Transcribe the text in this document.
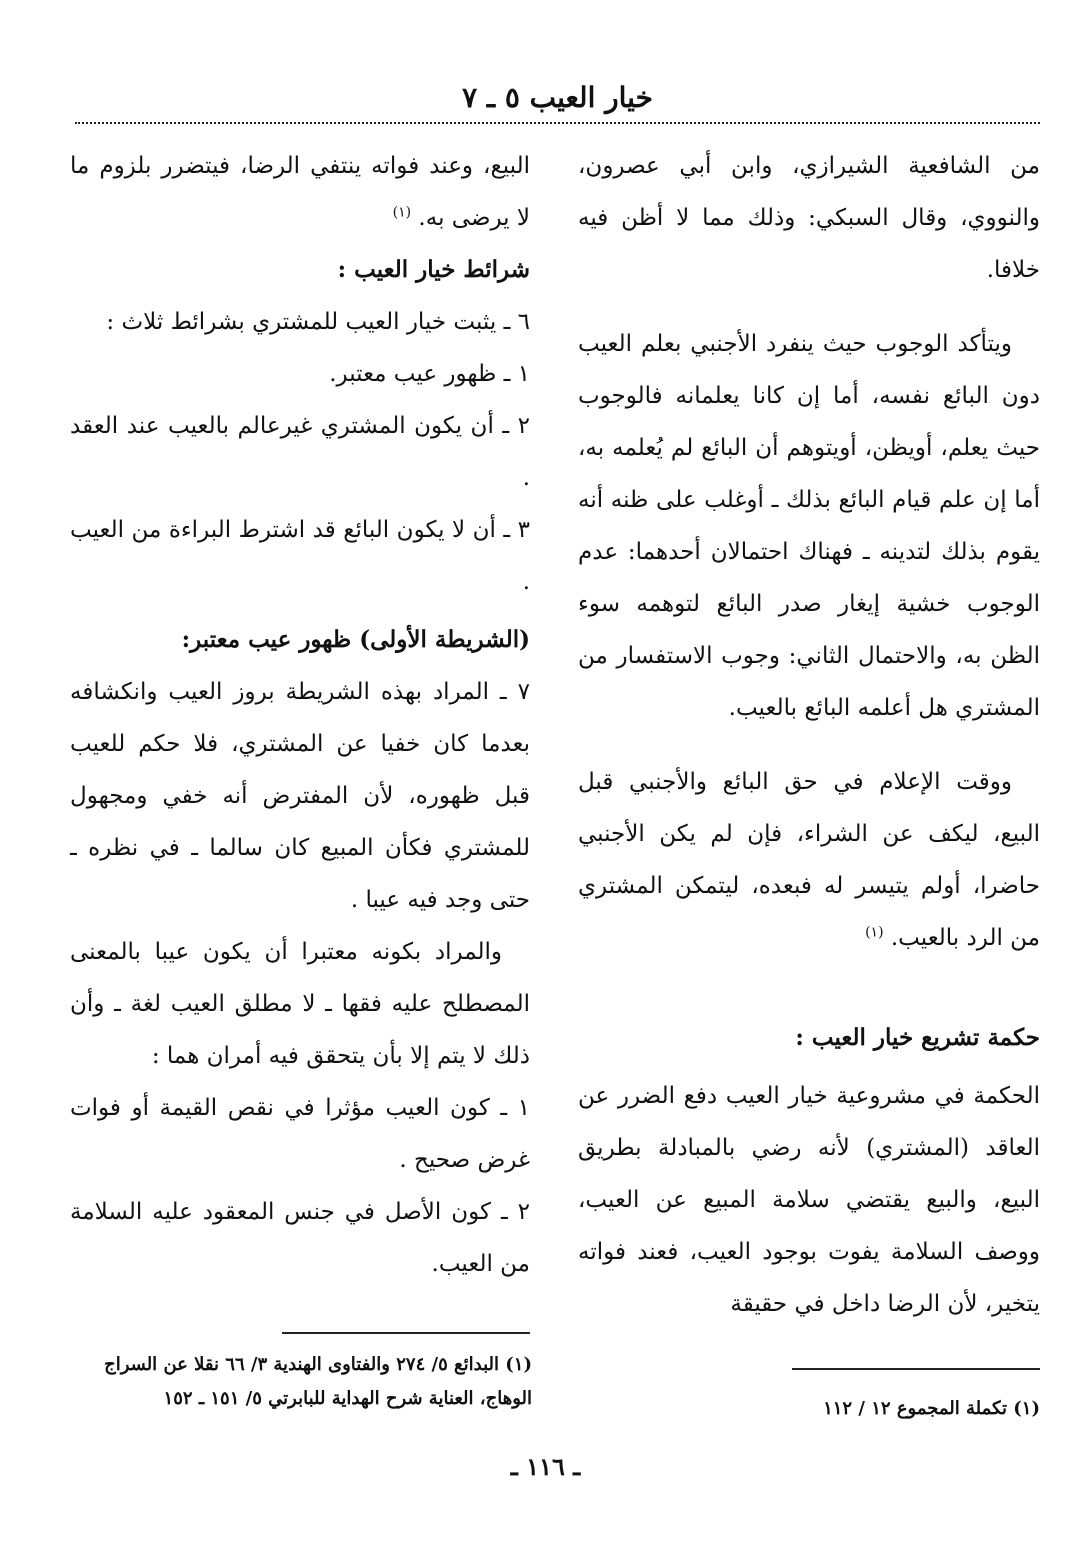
خيار العيب ٥ ـ ٧

من الشافعية الشيرازي، وابن أبي عصرون، والنووي، وقال السبكي: وذلك مما لا أظن فيه خلافا.

ويتأكد الوجوب حيث ينفرد الأجنبي بعلم العيب دون البائع نفسه، أما إن كانا يعلمانه فالوجوب حيث يعلم، أويظن، أويتوهم أن البائع لم يُعلمه به، أما إن علم قيام البائع بذلك ـ أوغلب على ظنه أنه يقوم بذلك لتدينه ـ فهناك احتمالان أحدهما: عدم الوجوب خشية إيغار صدر البائع لتوهمه سوء الظن به، والاحتمال الثاني: وجوب الاستفسار من المشتري هل أعلمه البائع بالعيب.

ووقت الإعلام في حق البائع والأجنبي قبل البيع، ليكف عن الشراء، فإن لم يكن الأجنبي حاضرا، أولم يتيسر له فبعده، ليتمكن المشتري من الرد بالعيب. $^{(١)}$

حكمة تشريع خيار العيب :

الحكمة في مشروعية خيار العيب دفع الضرر عن العاقد (المشتري) لأنه رضي بالمبادلة بطريق البيع، والبيع يقتضي سلامة المبيع عن العيب، ووصف السلامة يفوت بوجود العيب، فعند فواته يتخير، لأن الرضا داخل في حقيقة

البيع، وعند فواته ينتفي الرضا، فيتضرر بلزوم ما لا يرضى به. $^{(١)}$

شرائط خيار العيب :

٦ ـ يثبت خيار العيب للمشتري بشرائط ثلاث :

١ ـ ظهور عيب معتبر.

٢ ـ أن يكون المشتري غيرعالم بالعيب عند العقد .

٣ ـ أن لا يكون البائع قد اشترط البراءة من العيب .

(الشريطة الأولى) ظهور عيب معتبر:

٧ ـ المراد بهذه الشريطة بروز العيب وانكشافه بعدما كان خفيا عن المشتري، فلا حكم للعيب قبل ظهوره، لأن المفترض أنه خفي ومجهول للمشتري فكأن المبيع كان سالما ـ في نظره ـ حتى وجد فيه عيبا .

والمراد بكونه معتبرا أن يكون عيبا بالمعنى المصطلح عليه فقها ـ لا مطلق العيب لغة ـ وأن ذلك لا يتم إلا بأن يتحقق فيه أمران هما :

١ ـ كون العيب مؤثرا في نقص القيمة أو فوات غرض صحيح .

٢ ـ كون الأصل في جنس المعقود عليه السلامة من العيب.

(١) البدائع ٥/ ٢٧٤ والفتاوى الهندية ٣/ ٦٦ نقلا عن السراج الوهاج، العناية شرح الهداية للبابرتي ٥/ ١٥١ ـ ١٥٢	(١) تكملة المجموع ١٢ / ١١٢
ـ ١١٦ ـ
